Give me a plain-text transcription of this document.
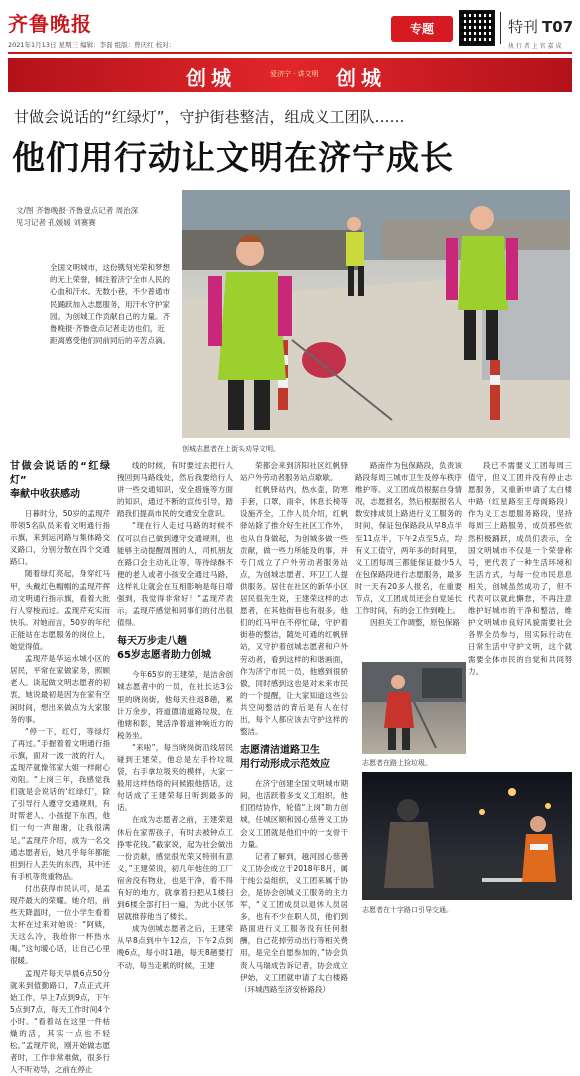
齐鲁晚报
2021年1月13日 星期三 编辑：李磊 组版：曾庆红 校对：
专题	特刊 T07
执 行 者 上 官 嘉 成
创城	爱济宁 · 讲文明 创城
甘做会说话的“红绿灯”，守护街巷整洁，组成义工团队……
他们用行动让文明在济宁成长
文/图 齐鲁晚报·齐鲁壹点记者 周治深
见习记者 孔媛媛 刘赛赛
全国文明城市，这份镌刻光荣和梦想的无上荣誉，倾注着济宁全市人民的心血和汗水。无数小巷，不少普通市民踊跃加入志愿服务，用汗水守护家园。为创城工作贡献自己的力量。齐鲁晚报·齐鲁壹点记者走访也们，近距离感受他们同前同后的辛苦点滴。
创城志愿者在上街头劝导文明。
甘做会说话的“红绿灯”
奉献中收获感动

日暮时分，50岁的孟现芹带领5名队员来看文明通行指示旗，来到运河路与集体路交叉路口，分别分散在四个交通路口。

随着绿灯亮起，身穿红马甲，头戴红色帽帽的孟现芹挥动文明通行指示旗，看着大批行人穿梭而过。孟现芹充实而快乐。对她而言，50岁的年纪正能站在志愿服务的岗位上，她觉得值。

孟现芹是华运水城小区的居民，平常在家做家务，照顾老人。谈起做文明志愿者的初衷，她说最初是因为在家有空闲时间，想出来做点为大家服务的事。

“停一下，红灯，等绿灯了再过。”手握着着文明通行指示旗，面对一波一波的行人，孟现芹就像邻家大姐一样耐心劝阻。“上岗三年，我感觉我们就是会说话的‘红绿灯’，除了引导行人遵守交通规则，有时帮老人、小孩提下东西，他们一句一声谢谢，让我很满足。”孟现芹介绍，成为一名交通志愿者后，她几乎每年都能担到行人丢失的东西，其中还有手机等贵重物品。

付出获得市民认可，是孟现芹最大的荣耀。她介绍，前些天降温时，一位小学生看着太杯在过来对她说：“阿姨，天这么冷，我给你一杯热水喝。”这句暖心话，让自己心里很暖。

孟现芹每天早晨6点50分就来到值勤路口，7点正式开始工作，早上7点到9点，下午5点到7点，每天工作时间4个小时。“看着站在这里一件枯燥的活，其实一点也不轻松。”孟现芹说，刚开始做志愿者时，工作非常难做，很多行人不听劝导，之前在停止

线的时候，有时要过去把行人拽回到马路线处，然后我要给行人讲一些交通知识，安全措施等方面的知识，通过不断的宣传引导，踏踏我们提高市民的交通安全意识。

“现在行人走过马路的时候不仅可以自己做到遵守交通规则，也能够主动提醒周围的人，司机朋友在路口会主动礼让等，等待绿酥不便的老人或者小孩安全通过马路，这样礼让就会在互相影响是每日增强到，我觉得非常好！”孟现芹表示，孟现芹感觉和同事们的付出很值得。

每天万步走八趟
65岁志愿者助力创城

今年65岁的王建荣，是洁舍创城志愿者中的一员，在社长达3公里的晓岗街，他每天往返8趟，累计万余步，将道德清道路垃圾，在他辖和影，凳活净着道神响近方的税务坐。

“来啦”，每当晓岗街沿线居民碰到王建荣，他总是左手拎垃圾袋，右手拿垃圾夹的模样，大家一般用这样热络的问候跟他搭话，这句话成了王建荣每日听到最多的话。

在成为志愿者之前，王建荣退休后在家帮孩子，有时去被钟点工挣零花钱。”截家说，起为社会做出一份贡献，感觉很光荣又特别有意义，”王建荣说，初几年他住的工厂宿舍没有物业，也是干净，看不得有好的地方，就拿着扫把从1楼扫到6楼全部打扫一遍，为此小区邻居就推荐他当了楼长。

成为创城志愿者之后，王建荣从早8点到中午12点，下午2点到晚6点，每小时1趟，每天8趟要打不动，每当走累的时候，王建

荣都会来到济阳社区红帆驿站户外劳动者服务站点歇歇。

红帆驿站内，热水壶，防寒手套，口罩，雨伞，休息长椅等设施齐全，工作人员介绍，红帆驿站除了推介好生社区工作外，也从自身做起，为创城多做一些贡献，做一些力所能及的事，并专门成立了户外劳动者服务站点，为创城志愿者、环卫工人提供服务。居住在社区的新华小区居民很先生说，王建荣这样的志愿者，在其他街巷也有很多，他们的红马甲在不停忙碌，守护着街巷的整洁，随处可通的红帆驿站，又守护着创城志愿者和户外劳动者，看到这样的和谐画面，作为济宁市民一员，他感到很骄傲，同时感到这也是对未来市民的一个提醒，让大家知道这些公共空间整洁的背后是有人在付出，每个人都应该去守护这样的整洁。

志愿清洁道路卫生
用行动形成示范效应

在济宁创建全国文明城市期间，也活跃着多支义工组织，他们团结协作，轮值“上岗”助力创城，任城区顺和园心慈善义工协会义工团就是他们中的一支骨干力量。

记者了解到，越河园心慈善义工协会成立于2018年8月，属于纯公益组织，义工团来属于协会，是协会创城义工服务的主力军，“义工团成员以退休人员居多，也有不少在职人员，他们到路面进行义工服务没有任何报酬，自己花掉劳动出行等相关费用，是完全自愿参加的，”协会负责人马瑞成告诉记者，协会成立伊始，义工团就申请了太白楼路（环城西路至济安桥路段）

路南作为包保路段，负责该路段每周三城市卫生及停车秩序维护等。义工团成员根据自身情况，志愿报名，然后根据报名人数安排成员上路进行义工服务的时间，保证包保路段从早8点半至11点半，下午2点至5点，均有义工值守，两年多的时间里，义工团每周三都能保证最少5人在包保路段进行志愿服务，最多时一天有20多人报名，在重要节点，义工团成员还会自觉延长工作时间，有的会工作到晚上。

因担关工作调整，原包保路

段已不需要义工团每周三值守，但义工团并没有停止志愿服务，又重新申请了太白楼中路（红星路至王母阁路段）作为义工志愿服务路段，坚持每周三上路服务，成员那些依然积极踊跃，成员们表示，全国文明城市不仅是一个荣誉称号，更代表了一种生活环境和生活方式，与每一位市民息息相关，创城虽然成功了，但不代表可以就此懈怠，不再注意维护好城市的干净和整洁，维护文明城市良好风貌需要社会各界全员参与，用实际行动在日常生活中守护文明，这个就需要全体市民的自觉和共同努力。

志愿者在路上捡垃圾。
志愿者在十字路口引导交通。
